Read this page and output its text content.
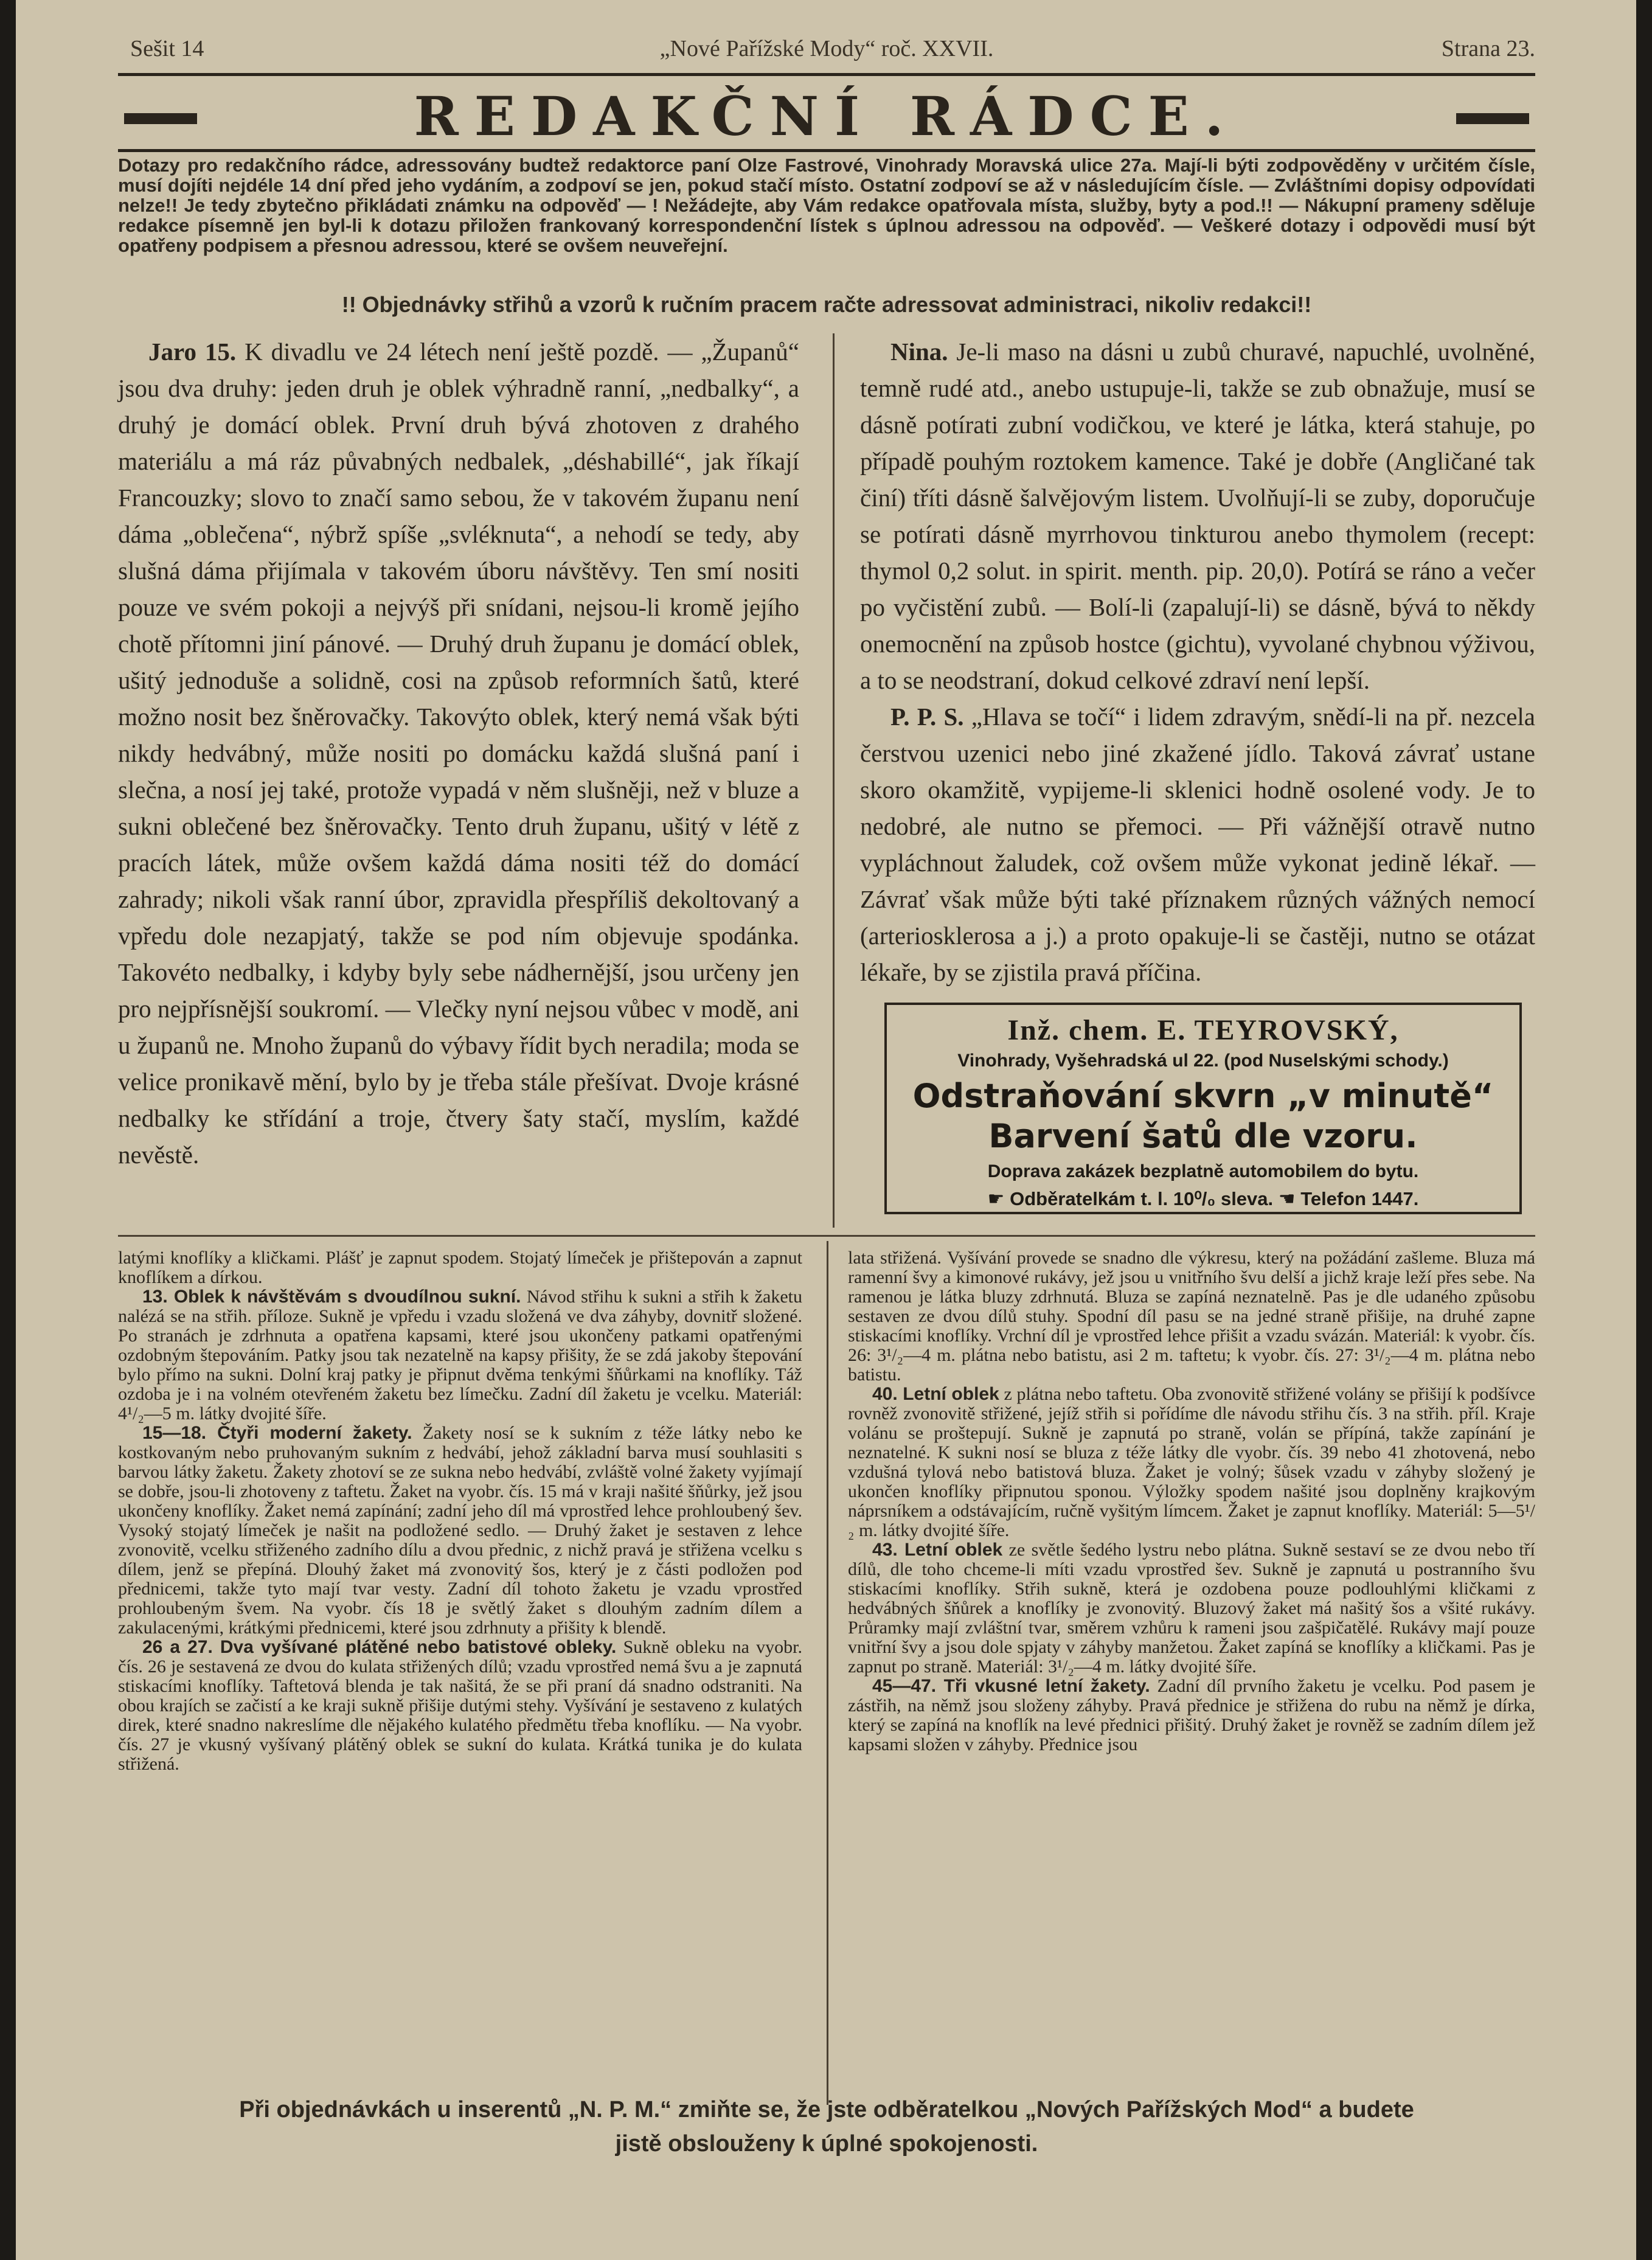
Sešit 14	„Nové Pařížské Mody“ roč. XXVII.	Strana 23.
▬▬	REDAKČNÍ RÁDCE.	▬▬
Dotazy pro redakčního rádce, adressovány budtež redaktorce paní Olze Fastrové, Vinohrady Moravská ulice 27a. Mají-li býti zodpověděny v určitém čísle, musí dojíti nejdéle 14 dní před jeho vydáním, a zodpoví se jen, pokud stačí místo. Ostatní zodpoví se až v následujícím čísle. — Zvláštními dopisy odpovídati nelze!! Je tedy zbytečno přikládati známku na odpověď — ! Nežádejte, aby Vám redakce opatřovala místa, služby, byty a pod.!! — Nákupní prameny sděluje redakce písemně jen byl-li k dotazu přiložen frankovaný korrespondenční lístek s úplnou adressou na odpověď. — Veškeré dotazy i odpovědi musí být opatřeny podpisem a přesnou adressou, které se ovšem neuveřejní.
!! Objednávky střihů a vzorů k ručním pracem račte adressovat administraci, nikoliv redakci!!

Jaro 15. K divadlu ve 24 létech není ještě pozdě. — „Županů“ jsou dva druhy: jeden druh je oblek výhradně ranní, „nedbalky“, a druhý je domácí oblek. První druh bývá zhotoven z drahého materiálu a má ráz půvabných nedbalek, „déshabillé“, jak říkají Francouzky; slovo to značí samo sebou, že v takovém županu není dáma „oblečena“, nýbrž spíše „svléknuta“, a nehodí se tedy, aby slušná dáma přijímala v takovém úboru návštěvy. Ten smí nositi pouze ve svém pokoji a nejvýš při snídani, nejsou-li kromě jejího chotě přítomni jiní pánové. — Druhý druh županu je domácí oblek, ušitý jednoduše a solidně, cosi na způsob reformních šatů, které možno nosit bez šněrovačky. Takovýto oblek, který nemá však býti nikdy hedvábný, může nositi po domácku každá slušná paní i slečna, a nosí jej také, protože vypadá v něm slušněji, než v bluze a sukni oblečené bez šněrovačky. Tento druh županu, ušitý v létě z pracích látek, může ovšem každá dáma nositi též do domácí zahrady; nikoli však ranní úbor, zpravidla přespříliš dekoltovaný a vpředu dole nezapjatý, takže se pod ním objevuje spodánka. Takovéto nedbalky, i kdyby byly sebe nádhernější, jsou určeny jen pro nejpřísnější soukromí. — Vlečky nyní nejsou vůbec v modě, ani u županů ne. Mnoho županů do výbavy řídit bych neradila; moda se velice pronikavě mění, bylo by je třeba stále přešívat. Dvoje krásné nedbalky ke střídání a troje, čtvery šaty stačí, myslím, každé nevěstě.

Nina. Je-li maso na dásni u zubů churavé, napuchlé, uvolněné, temně rudé atd., anebo ustupuje-li, takže se zub obnažuje, musí se dásně potírati zubní vodičkou, ve které je látka, která stahuje, po případě pouhým roztokem kamence. Také je dobře (Angličané tak činí) tříti dásně šalvějovým listem. Uvolňují-li se zuby, doporučuje se potírati dásně myrrhovou tinkturou anebo thymolem (recept: thymol 0,2 solut. in spirit. menth. pip. 20,0). Potírá se ráno a večer po vyčistění zubů. — Bolí-li (zapalují-li) se dásně, bývá to někdy onemocnění na způsob hostce (gichtu), vyvolané chybnou výživou, a to se neodstraní, dokud celkové zdraví není lepší.

P. P. S. „Hlava se točí“ i lidem zdravým, snědí-li na př. nezcela čerstvou uzenici nebo jiné zkažené jídlo. Taková závrať ustane skoro okamžitě, vypijeme-li sklenici hodně osolené vody. Je to nedobré, ale nutno se přemoci. — Při vážnější otravě nutno vypláchnout žaludek, což ovšem může vykonat jedině lékař. — Závrať však může býti také příznakem různých vážných nemocí (arteriosklerosa a j.) a proto opakuje-li se častěji, nutno se otázat lékaře, by se zjistila pravá příčina.

Inž. chem. E. TEYROVSKÝ,
Vinohrady, Vyšehradská ul 22. (pod Nuselskými schody.)
Odstraňování skvrn „v minutě“
Barvení šatů dle vzoru.
Doprava zakázek bezplatně automobilem do bytu.
☛ Odběratelkám t. l. 10⁰/₀ sleva. ☚ Telefon 1447.

latými knoflíky a kličkami. Plášť je zapnut spodem. Stojatý límeček je přištepován a zapnut knoflíkem a dírkou.

13. Oblek k návštěvám s dvoudílnou sukní. Návod střihu k sukni a střih k žaketu nalézá se na střih. příloze. Sukně je vpředu i vzadu složená ve dva záhyby, dovnitř složené. Po stranách je zdrhnuta a opatřena kapsami, které jsou ukončeny patkami opatřenými ozdobným štepováním. Patky jsou tak nezatelně na kapsy přišity, že se zdá jakoby štepování bylo přímo na sukni. Dolní kraj patky je připnut dvěma tenkými šňůrkami na knoflíky. Táž ozdoba je i na volném otevřeném žaketu bez límečku. Zadní díl žaketu je vcelku. Materiál: 4¹/₂—5 m. látky dvojité šíře.

15—18. Čtyři moderní žakety. Žakety nosí se k sukním z téže látky nebo ke kostkovaným nebo pruhovaným sukním z hedvábí, jehož základní barva musí souhlasiti s barvou látky žaketu. Žakety zhotoví se ze sukna nebo hedvábí, zvláště volné žakety vyjímají se dobře, jsou-li zhotoveny z taftetu. Žaket na vyobr. čís. 15 má v kraji našité šňůrky, jež jsou ukončeny knoflíky. Žaket nemá zapínání; zadní jeho díl má vprostřed lehce prohloubený šev. Vysoký stojatý límeček je našit na podložené sedlo. — Druhý žaket je sestaven z lehce zvonovitě, vcelku střiženého zadního dílu a dvou přednic, z nichž pravá je střižena vcelku s dílem, jenž se přepíná. Dlouhý žaket má zvonovitý šos, který je z části podložen pod přednicemi, takže tyto mají tvar vesty. Zadní díl tohoto žaketu je vzadu vprostřed prohloubeným švem. Na vyobr. čís 18 je světlý žaket s dlouhým zadním dílem a zakulacenými, krátkými přednicemi, které jsou zdrhnuty a přišity k blendě.

26 a 27. Dva vyšívané plátěné nebo batistové obleky. Sukně obleku na vyobr. čís. 26 je sestavená ze dvou do kulata střižených dílů; vzadu vprostřed nemá švu a je zapnutá stiskacími knoflíky. Taftetová blenda je tak našitá, že se při praní dá snadno odstraniti. Na obou krajích se začistí a ke kraji sukně přišije dutými stehy. Vyšívání je sestaveno z kulatých direk, které snadno nakreslíme dle nějakého kulatého předmětu třeba knoflíku. — Na vyobr. čís. 27 je vkusný vyšívaný plátěný oblek se sukní do kulata. Krátká tunika je do kulata střižená.

lata střižená. Vyšívání provede se snadno dle výkresu, který na požádání zašleme. Bluza má ramenní švy a kimonové rukávy, jež jsou u vnitřního švu delší a jichž kraje leží přes sebe. Na ramenou je látka bluzy zdrhnutá. Bluza se zapíná neznatelně. Pas je dle udaného způsobu sestaven ze dvou dílů stuhy. Spodní díl pasu se na jedné straně přišije, na druhé zapne stiskacími knoflíky. Vrchní díl je vprostřed lehce přišit a vzadu svázán. Materiál: k vyobr. čís. 26: 3¹/₂—4 m. plátna nebo batistu, asi 2 m. taftetu; k vyobr. čís. 27: 3¹/₂—4 m. plátna nebo batistu.

40. Letní oblek z plátna nebo taftetu. Oba zvonovitě střižené volány se přišijí k podšívce rovněž zvonovitě střižené, jejíž střih si pořídíme dle návodu střihu čís. 3 na střih. příl. Kraje volánu se proštepují. Sukně je zapnutá po straně, volán se přípíná, takže zapínání je neznatelné. K sukni nosí se bluza z téže látky dle vyobr. čís. 39 nebo 41 zhotovená, nebo vzdušná tylová nebo batistová bluza. Žaket je volný; šůsek vzadu v záhyby složený je ukončen knoflíky připnutou sponou. Výložky spodem našité jsou doplněny krajkovým náprsníkem a odstávajícím, ručně vyšitým límcem. Žaket je zapnut knoflíky. Materiál: 5—5¹/₂ m. látky dvojité šíře.

43. Letní oblek ze světle šedého lystru nebo plátna. Sukně sestaví se ze dvou nebo tří dílů, dle toho chceme-li míti vzadu vprostřed šev. Sukně je zapnutá u postranního švu stiskacími knoflíky. Střih sukně, která je ozdobena pouze podlouhlými kličkami z hedvábných šňůrek a knoflíky je zvonovitý. Bluzový žaket má našitý šos a všité rukávy. Průramky mají zvláštní tvar, směrem vzhůru k rameni jsou zašpičatělé. Rukávy mají pouze vnitřní švy a jsou dole spjaty v záhyby manžetou. Žaket zapíná se knoflíky a kličkami. Pas je zapnut po straně. Materiál: 3¹/₂—4 m. látky dvojité šíře.

45—47. Tři vkusné letní žakety. Zadní díl prvního žaketu je vcelku. Pod pasem je zástřih, na němž jsou složeny záhyby. Pravá přednice je střižena do rubu na němž je dírka, který se zapíná na knoflík na levé přednici přišitý. Druhý žaket je rovněž se zadním dílem jež kapsami složen v záhyby. Přednice jsou

Při objednávkách u inserentů „N. P. M.“ zmiňte se, že jste odběratelkou „Nových Pařížských Mod“ a budete
jistě obslouženy k úplné spokojenosti.
